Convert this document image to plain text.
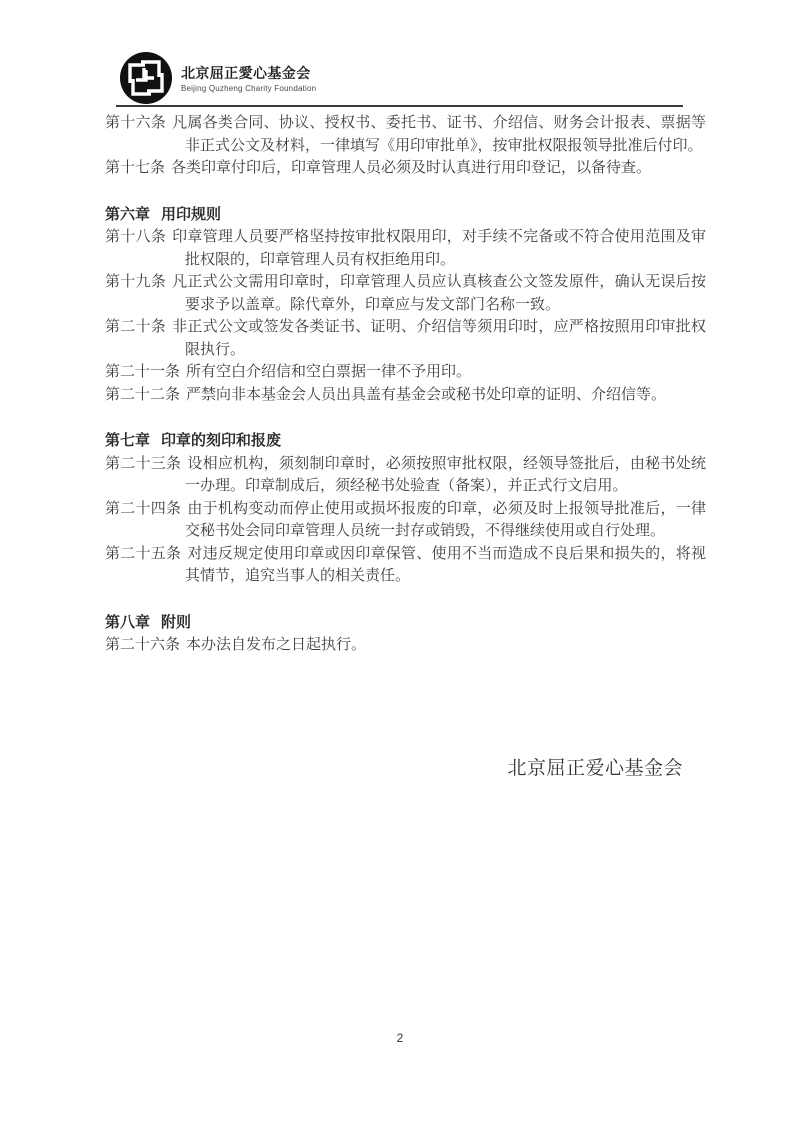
北京屈正愛心基金会
Beijing Quzheng Charity Foundation

第十六条 凡属各类合同、协议、授权书、委托书、证书、介绍信、财务会计报表、票据等非正式公文及材料，一律填写《用印审批单》，按审批权限报领导批准后付印。

第十七条 各类印章付印后，印章管理人员必须及时认真进行用印登记，以备待查。

第六章 用印规则

第十八条 印章管理人员要严格坚持按审批权限用印，对手续不完备或不符合使用范围及审批权限的，印章管理人员有权拒绝用印。

第十九条 凡正式公文需用印章时，印章管理人员应认真核查公文签发原件，确认无误后按要求予以盖章。除代章外，印章应与发文部门名称一致。

第二十条 非正式公文或签发各类证书、证明、介绍信等须用印时，应严格按照用印审批权限执行。

第二十一条 所有空白介绍信和空白票据一律不予用印。

第二十二条 严禁向非本基金会人员出具盖有基金会或秘书处印章的证明、介绍信等。

第七章 印章的刻印和报废

第二十三条 设相应机构，须刻制印章时，必须按照审批权限，经领导签批后，由秘书处统一办理。印章制成后，须经秘书处验查（备案），并正式行文启用。

第二十四条 由于机构变动而停止使用或损坏报废的印章，必须及时上报领导批准后，一律交秘书处会同印章管理人员统一封存或销毁，不得继续使用或自行处理。

第二十五条 对违反规定使用印章或因印章保管、使用不当而造成不良后果和损失的，将视其情节，追究当事人的相关责任。

第八章 附则

第二十六条 本办法自发布之日起执行。

北京屈正爱心基金会
2
